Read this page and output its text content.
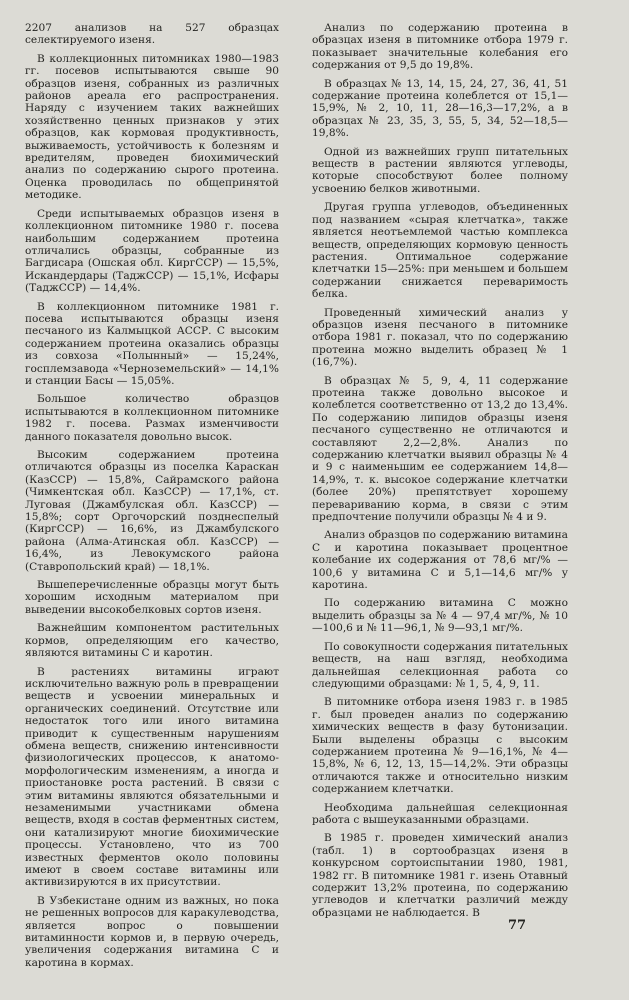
2207 анализов на 527 образцах селектируемого изеня.

В коллекционных питомниках 1980—1983 гг. посевов испытываются свыше 90 образцов изеня, собранных из различных районов ареала его распространения. Наряду с изучением таких важнейших хозяйственно ценных признаков у этих образцов, как кормовая продуктивность, выживаемость, устойчивость к болезням и вредителям, проведен биохимический анализ по содержанию сырого протеина. Оценка проводилась по общепринятой методике.

Среди испытываемых образцов изеня в коллекционном питомнике 1980 г. посева наибольшим содержанием протеина отличались образцы, собранные из Багдисара (Ошская обл. КиргССР) — 15,5%, Искандердары (ТаджССР) — 15,1%, Исфары (ТаджССР) — 14,4%.

В коллекционном питомнике 1981 г. посева испытываются образцы изеня песчаного из Калмыцкой АССР. С высоким содержанием протеина оказались образцы из совхоза «Полынный» — 15,24%, госплемзавода «Черноземельский» — 14,1% и станции Басы — 15,05%.

Большое количество образцов испытываются в коллекционном питомнике 1982 г. посева. Размах изменчивости данного показателя довольно высок.

Высоким содержанием протеина отличаются образцы из поселка Караскан (КазССР) — 15,8%, Сайрамского района (Чимкентская обл. КазССР) — 17,1%, ст. Луговая (Джамбулская обл. КазССР) — 15,8%; сорт Оргочорский позднеспелый (КиргССР) — 16,6%, из Джамбулского района (Алма-Атинская обл. КазССР) — 16,4%, из Левокумского района (Ставропольский край) — 18,1%.

Вышеперечисленные образцы могут быть хорошим исходным материалом при выведении высокобелковых сортов изеня.

Важнейшим компонентом растительных кормов, определяющим его качество, являются витамины С и каротин.

В растениях витамины играют исключительно важную роль в превращении веществ и усвоении минеральных и органических соединений. Отсутствие или недостаток того или иного витамина приводит к существенным нарушениям обмена веществ, снижению интенсивности физиологических процессов, к анатомо-морфологическим изменениям, а иногда и приостановке роста растений. В связи с этим витамины являются обязательными и незаменимыми участниками обмена веществ, входя в состав ферментных систем, они катализируют многие биохимические процессы. Установлено, что из 700 известных ферментов около половины имеют в своем составе витамины или активизируются в их присутствии.

В Узбекистане одним из важных, но пока не решенных вопросов для каракулеводства, является вопрос о повышении витаминности кормов и, в первую очередь, увеличения содержания витамина С и каротина в кормах.

Анализ по содержанию протеина в образцах изеня в питомнике отбора 1979 г. показывает значительные колебания его содержания от 9,5 до 19,8%.

В образцах № 13, 14, 15, 24, 27, 36, 41, 51 содержание протеина колеблется от 15,1—15,9%, № 2, 10, 11, 28—16,3—17,2%, а в образцах № 23, 35, 3, 55, 5, 34, 52—18,5—19,8%.

Одной из важнейших групп питательных веществ в растении являются углеводы, которые способствуют более полному усвоению белков животными.

Другая группа углеводов, объединенных под названием «сырая клетчатка», также является неотъемлемой частью комплекса веществ, определяющих кормовую ценность растения. Оптимальное содержание клетчатки 15—25%: при меньшем и большем содержании снижается переваримость белка.

Проведенный химический анализ у образцов изеня песчаного в питомнике отбора 1981 г. показал, что по содержанию протеина можно выделить образец № 1 (16,7%).

В образцах № 5, 9, 4, 11 содержание протеина также довольно высокое и колеблется соответственно от 13,2 до 13,4%. По содержанию липидов образцы изеня песчаного существенно не отличаются и составляют 2,2—2,8%. Анализ по содержанию клетчатки выявил образцы № 4 и 9 с наименьшим ее содержанием 14,8—14,9%, т. к. высокое содержание клетчатки (более 20%) препятствует хорошему перевариванию корма, в связи с этим предпочтение получили образцы № 4 и 9.

Анализ образцов по содержанию витамина С и каротина показывает процентное колебание их содержания от 78,6 мг/% — 100,6 у витамина С и 5,1—14,6 мг/% у каротина.

По содержанию витамина С можно выделить образцы за № 4 — 97,4 мг/%, № 10—100,6 и № 11—96,1, № 9—93,1 мг/%.

По совокупности содержания питательных веществ, на наш взгляд, необходима дальнейшая селекционная работа со следующими образцами: № 1, 5, 4, 9, 11.

В питомнике отбора изеня 1983 г. в 1985 г. был проведен анализ по содержанию химических веществ в фазу бутонизации. Были выделены образцы с высоким содержанием протеина № 9—16,1%, № 4—15,8%, № 6, 12, 13, 15—14,2%. Эти образцы отличаются также и относительно низким содержанием клетчатки.

Необходима дальнейшая селекционная работа с вышеуказанными образцами.

В 1985 г. проведен химический анализ (табл. 1) в сортообразцах изеня в конкурсном сортоиспытании 1980, 1981, 1982 гг. В питомнике 1981 г. изень Отавный содержит 13,2% протеина, по содержанию углеводов и клетчатки различий между образцами не наблюдается. В

77
